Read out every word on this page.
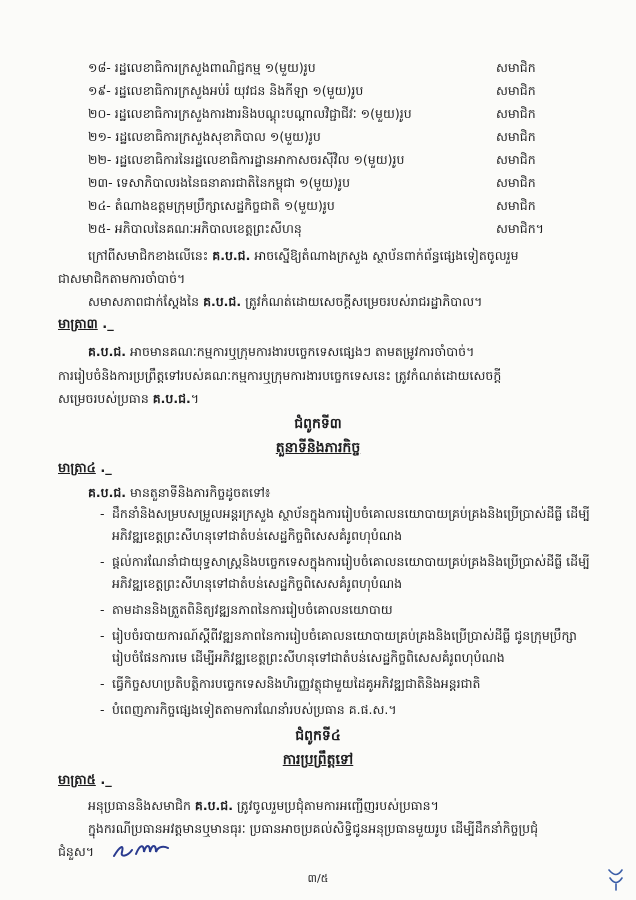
១៨- រដ្ឋលេខាធិការក្រសួងពាណិជ្ជកម្ម ១(មួយ)រូប	សមាជិក
១៩- រដ្ឋលេខាធិការក្រសួងអប់រំ យុវជន និងកីឡា ១(មួយ)រូប	សមាជិក
២០- រដ្ឋលេខាធិការក្រសួងការងារនិងបណ្តុះបណ្តាលវិជ្ជាជីវៈ ១(មួយ)រូប	សមាជិក
២១- រដ្ឋលេខាធិការក្រសួងសុខាភិបាល ១(មួយ)រូប	សមាជិក
២២- រដ្ឋលេខាធិការនៃរដ្ឋលេខាធិការដ្ឋានអាកាសចរស៊ីវិល ១(មួយ)រូប	សមាជិក
២៣- ទេសាភិបាលរងនៃធនាគារជាតិនៃកម្ពុជា ១(មួយ)រូប	សមាជិក
២៤- តំណាងឧត្តមក្រុមប្រឹក្សាសេដ្ឋកិច្ចជាតិ ១(មួយ)រូប	សមាជិក
២៥- អភិបាលនៃគណៈអភិបាលខេត្តព្រះសីហនុ	សមាជិក។
ក្រៅពីសមាជិកខាងលើនេះ គ.ប.ជ. អាចស្នើឱ្យតំណាងក្រសួង ស្ថាប័នពាក់ព័ន្ធផ្សេងទៀតចូលរួម
ជាសមាជិកតាមការចាំបាច់។
សមាសភាពជាក់ស្តែងនៃ គ.ប.ជ. ត្រូវកំណត់ដោយសេចក្តីសម្រេចរបស់រាជរដ្ឋាភិបាល។
មាត្រា៣ ._
គ.ប.ជ. អាចមានគណៈកម្មការឬក្រុមការងារបច្ចេកទេសផ្សេងៗ តាមតម្រូវការចាំបាច់។
ការរៀបចំនិងការប្រព្រឹត្តទៅរបស់គណៈកម្មការឬក្រុមការងារបច្ចេកទេសនេះ ត្រូវកំណត់ដោយសេចក្តី
សម្រេចរបស់ប្រធាន គ.ប.ជ.។
ជំពូកទី៣
តួនាទីនិងភារកិច្ច
មាត្រា៤ ._
គ.ប.ជ. មានតួនាទីនិងភារកិច្ចដូចតទៅ៖
- ដឹកនាំនិងសម្របសម្រួលអន្តរក្រសួង ស្ថាប័នក្នុងការរៀបចំគោលនយោបាយគ្រប់គ្រងនិងប្រើប្រាស់ដីធ្លី ដើម្បីអភិវឌ្ឍខេត្តព្រះសីហនុទៅជាតំបន់សេដ្ឋកិច្ចពិសេសគំរូពហុបំណង
- ផ្តល់ការណែនាំជាយុទ្ធសាស្ត្រនិងបច្ចេកទេសក្នុងការរៀបចំគោលនយោបាយគ្រប់គ្រងនិងប្រើប្រាស់ដីធ្លី ដើម្បីអភិវឌ្ឍខេត្តព្រះសីហនុទៅជាតំបន់សេដ្ឋកិច្ចពិសេសគំរូពហុបំណង
- តាមដាននិងត្រួតពិនិត្យវឌ្ឍនភាពនៃការរៀបចំគោលនយោបាយ
- រៀបចំរបាយការណ៍ស្តីពីវឌ្ឍនភាពនៃការរៀបចំគោលនយោបាយគ្រប់គ្រងនិងប្រើប្រាស់ដីធ្លី ជូនក្រុមប្រឹក្សារៀបចំផែនការមេ ដើម្បីអភិវឌ្ឍខេត្តព្រះសីហនុទៅជាតំបន់សេដ្ឋកិច្ចពិសេសគំរូពហុបំណង
- ធ្វើកិច្ចសហប្រតិបត្តិការបច្ចេកទេសនិងហិរញ្ញវត្ថុជាមួយដៃគូអភិវឌ្ឍជាតិនិងអន្តរជាតិ
- បំពេញភារកិច្ចផ្សេងទៀតតាមការណែនាំរបស់ប្រធាន គ.ផ.ស.។
ជំពូកទី៤
ការប្រព្រឹត្តទៅ
មាត្រា៥ ._
អនុប្រធាននិងសមាជិក គ.ប.ជ. ត្រូវចូលរួមប្រជុំតាមការអញ្ជើញរបស់ប្រធាន។
ក្នុងករណីប្រធានអវត្តមានឬមានធុរៈ ប្រធានអាចប្រគល់សិទ្ធិជូនអនុប្រធានមួយរូប ដើម្បីដឹកនាំកិច្ចប្រជុំ
ជំនួស។
៣/៥
